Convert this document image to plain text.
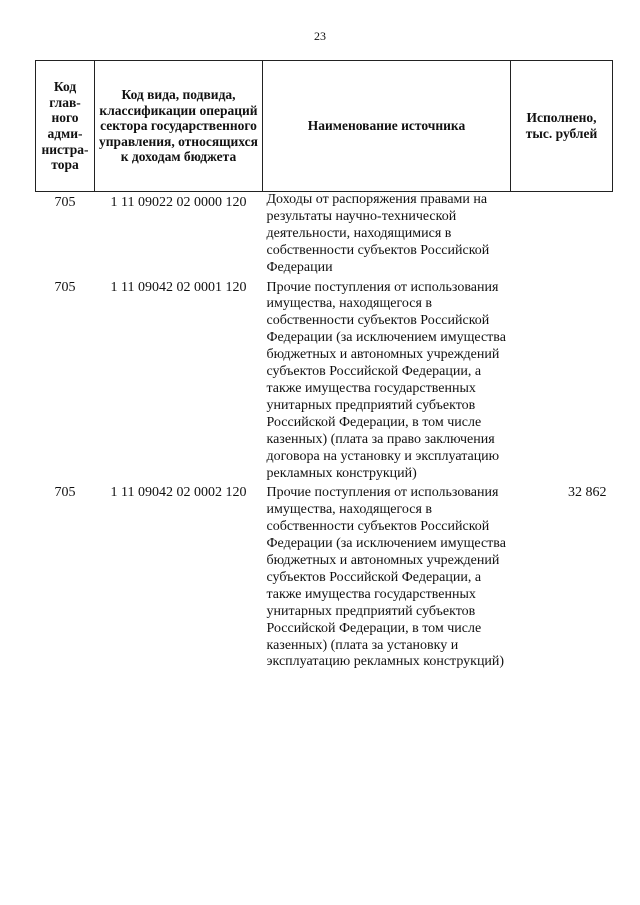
23
Код глав-ного адми-нистра-тора	Код вида, подвида, классификации операций сектора государственного управления, относящихся к доходам бюджета	Наименование источника	Исполнено, тыс. рублей
705	1 11 09022 02 0000 120	Доходы от распоряжения правами на результаты научно-технической деятельности, находящимися в собственности субъектов Российской Федерации	

705	1 11 09042 02 0001 120	Прочие поступления от использования имущества, находящегося в собственности субъектов Российской Федерации (за исключением имущества бюджетных и автономных учреждений субъектов Российской Федерации, а также имущества государственных унитарных предприятий субъектов Российской Федерации, в том числе казенных) (плата за право заключения договора на установку и эксплуатацию рекламных конструкций)	

705	1 11 09042 02 0002 120	Прочие поступления от использования имущества, находящегося в собственности субъектов Российской Федерации (за исключением имущества бюджетных и автономных учреждений субъектов Российской Федерации, а также имущества государственных унитарных предприятий субъектов Российской Федерации, в том числе казенных) (плата за установку и эксплуатацию рекламных конструкций)	32 862
